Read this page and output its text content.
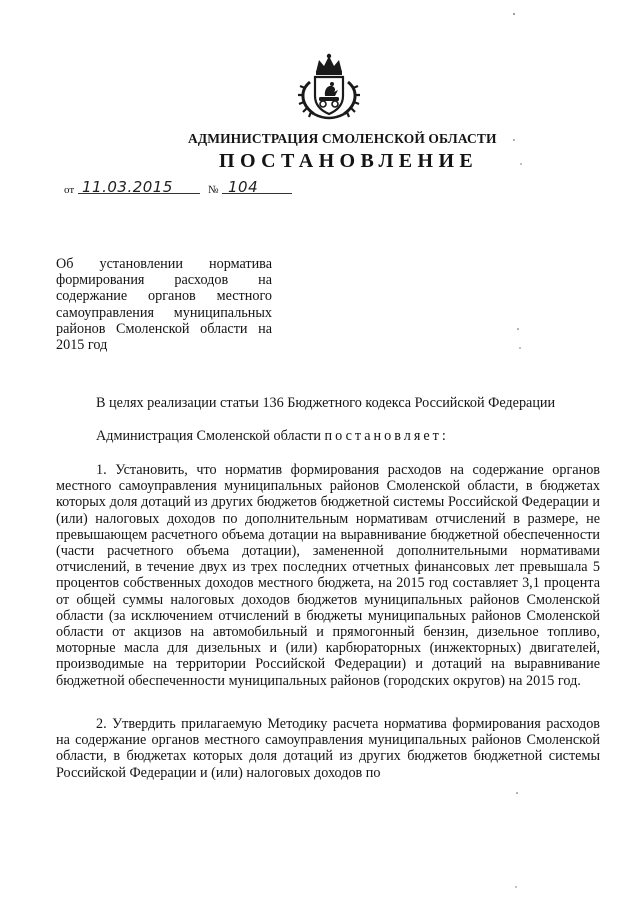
АДМИНИСТРАЦИЯ СМОЛЕНСКОЙ ОБЛАСТИ
ПОСТАНОВЛЕНИЕ
от 11.03.2015	№ 104
Об установлении норматива формирования расходов на содержание органов местного самоуправления муниципальных районов Смоленской области на 2015 год
В целях реализации статьи 136 Бюджетного кодекса Российской Федерации
Администрация Смоленской области постановляет:
1. Установить, что норматив формирования расходов на содержание органов местного самоуправления муниципальных районов Смоленской области, в бюджетах которых доля дотаций из других бюджетов бюджетной системы Российской Федерации и (или) налоговых доходов по дополнительным нормативам отчислений в размере, не превышающем расчетного объема дотации на выравнивание бюджетной обеспеченности (части расчетного объема дотации), замененной дополнительными нормативами отчислений, в течение двух из трех последних отчетных финансовых лет превышала 5 процентов собственных доходов местного бюджета, на 2015 год составляет 3,1 процента от общей суммы налоговых доходов бюджетов муниципальных районов Смоленской области (за исключением отчислений в бюджеты муниципальных районов Смоленской области от акцизов на автомобильный и прямогонный бензин, дизельное топливо, моторные масла для дизельных и (или) карбюраторных (инжекторных) двигателей, производимые на территории Российской Федерации) и дотаций на выравнивание бюджетной обеспеченности муниципальных районов (городских округов) на 2015 год.
2. Утвердить прилагаемую Методику расчета норматива формирования расходов на содержание органов местного самоуправления муниципальных районов Смоленской области, в бюджетах которых доля дотаций из других бюджетов бюджетной системы Российской Федерации и (или) налоговых доходов по
